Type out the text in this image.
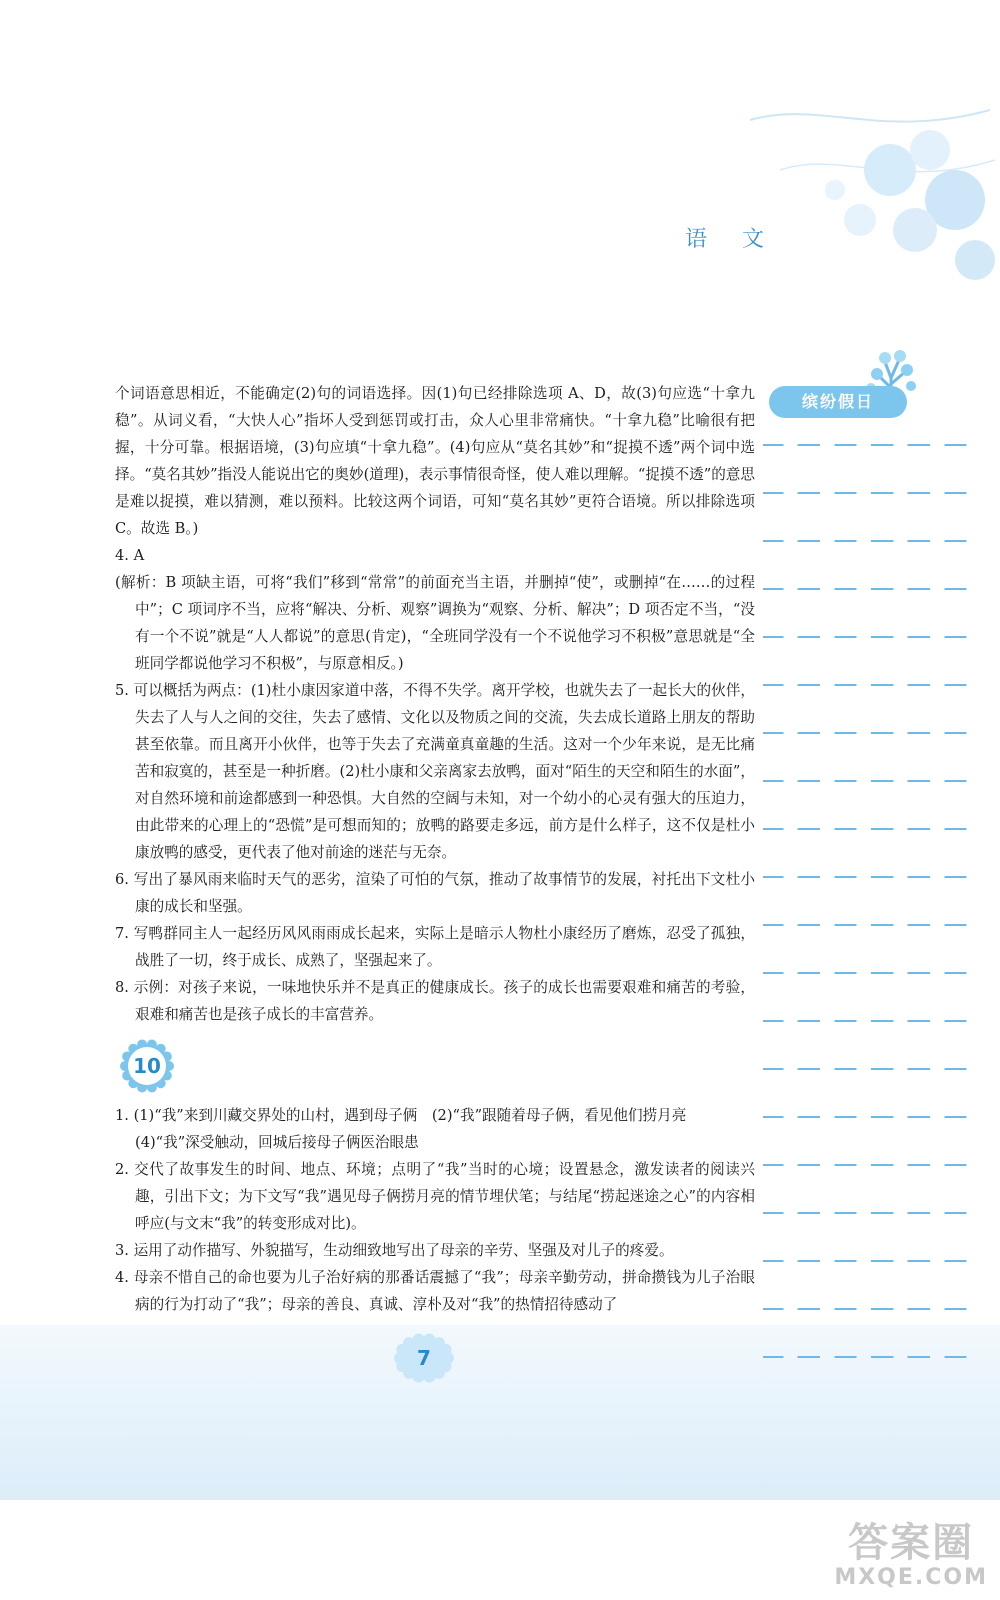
语 文
缤纷假日

个词语意思相近，不能确定(2)句的词语选择。因(1)句已经排除选项 A、D，故(3)句应选“十拿九稳”。从词义看，“大快人心”指坏人受到惩罚或打击，众人心里非常痛快。“十拿九稳”比喻很有把握，十分可靠。根据语境，(3)句应填“十拿九稳”。(4)句应从“莫名其妙”和“捉摸不透”两个词中选择。“莫名其妙”指没人能说出它的奥妙(道理)，表示事情很奇怪，使人难以理解。“捉摸不透”的意思是难以捉摸，难以猜测，难以预料。比较这两个词语，可知“莫名其妙”更符合语境。所以排除选项 C。故选 B。)

4. A

(解析：B 项缺主语，可将“我们”移到“常常”的前面充当主语，并删掉“使”，或删掉“在……的过程中”；C 项词序不当，应将“解决、分析、观察”调换为“观察、分析、解决”；D 项否定不当，“没有一个不说”就是“人人都说”的意思(肯定)，“全班同学没有一个不说他学习不积极”意思就是“全班同学都说他学习不积极”，与原意相反。)

5. 可以概括为两点：(1)杜小康因家道中落，不得不失学。离开学校，也就失去了一起长大的伙伴，失去了人与人之间的交往，失去了感情、文化以及物质之间的交流，失去成长道路上朋友的帮助甚至依靠。而且离开小伙伴，也等于失去了充满童真童趣的生活。这对一个少年来说，是无比痛苦和寂寞的，甚至是一种折磨。(2)杜小康和父亲离家去放鸭，面对“陌生的天空和陌生的水面”，对自然环境和前途都感到一种恐惧。大自然的空阔与未知，对一个幼小的心灵有强大的压迫力，由此带来的心理上的“恐慌”是可想而知的；放鸭的路要走多远，前方是什么样子，这不仅是杜小康放鸭的感受，更代表了他对前途的迷茫与无奈。

6. 写出了暴风雨来临时天气的恶劣，渲染了可怕的气氛，推动了故事情节的发展，衬托出下文杜小康的成长和坚强。

7. 写鸭群同主人一起经历风风雨雨成长起来，实际上是暗示人物杜小康经历了磨炼，忍受了孤独，战胜了一切，终于成长、成熟了，坚强起来了。

8. 示例：对孩子来说，一味地快乐并不是真正的健康成长。孩子的成长也需要艰难和痛苦的考验，艰难和痛苦也是孩子成长的丰富营养。

10

1. (1)“我”来到川藏交界处的山村，遇到母子俩　(2)“我”跟随着母子俩，看见他们捞月亮

(4)“我”深受触动，回城后接母子俩医治眼患

2. 交代了故事发生的时间、地点、环境；点明了“我”当时的心境；设置悬念，激发读者的阅读兴趣，引出下文；为下文写“我”遇见母子俩捞月亮的情节埋伏笔；与结尾“捞起迷途之心”的内容相呼应(与文末“我”的转变形成对比)。

3. 运用了动作描写、外貌描写，生动细致地写出了母亲的辛劳、坚强及对儿子的疼爱。

4. 母亲不惜自己的命也要为儿子治好病的那番话震撼了“我”；母亲辛勤劳动，拼命攒钱为儿子治眼病的行为打动了“我”；母亲的善良、真诚、淳朴及对“我”的热情招待感动了

7
答案圈
MXQE.COM
